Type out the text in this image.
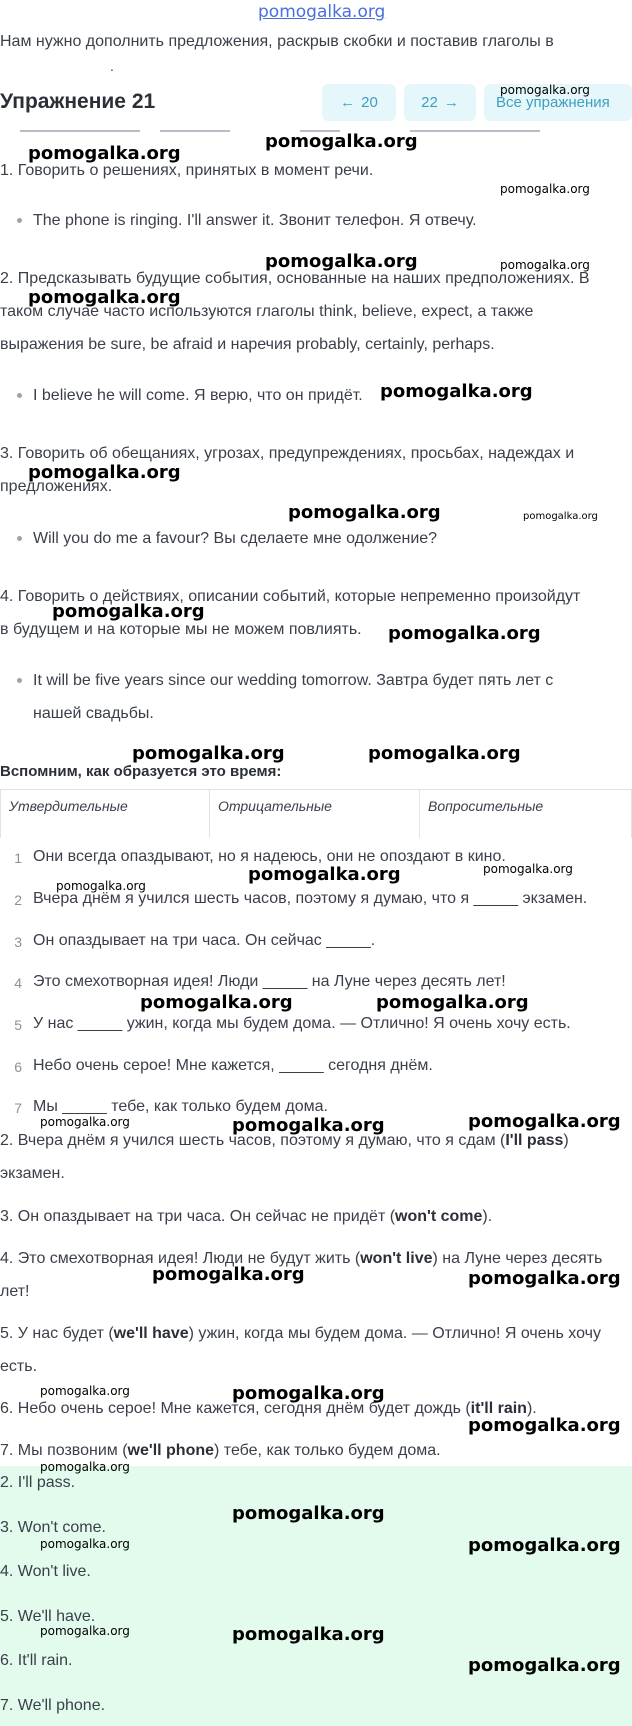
pomogalka.org
Нам нужно дополнить предложения, раскрыв скобки и поставив глаголы в
.
Упражнение 21	← 20	22 → Все упражнения
1. Говорить о решениях, принятых в момент речи.
The phone is ringing. I'll answer it. Звонит телефон. Я отвечу.
2. Предсказывать будущие события, основанные на наших предположениях. В
таком случае часто используются глаголы think, believe, expect, а также
выражения be sure, be afraid и наречия probably, certainly, perhaps.
I believe he will come. Я верю, что он придёт.
3. Говорить об обещаниях, угрозах, предупреждениях, просьбах, надеждах и
предложениях.
Will you do me a favour? Вы сделаете мне одолжение?
4. Говорить о действиях, описании событий, которые непременно произойдут
в будущем и на которые мы не можем повлиять.
It will be five years since our wedding tomorrow. Завтра будет пять лет с
нашей свадьбы.
Вспомним, как образуется это время:
Утвердительные	Отрицательные	Вопросительные
1 Они всегда опаздывают, но я надеюсь, они не опоздают в кино.
2 Вчера днём я учился шесть часов, поэтому я думаю, что я _____ экзамен.
3 Он опаздывает на три часа. Он сейчас _____.
4 Это смехотворная идея! Люди _____ на Луне через десять лет!
5 У нас _____ ужин, когда мы будем дома. — Отлично! Я очень хочу есть.
6 Небо очень серое! Мне кажется, _____ сегодня днём.
7 Мы _____ тебе, как только будем дома.
2. Вчера днём я учился шесть часов, поэтому я думаю, что я сдам (I'll pass)
экзамен.
3. Он опаздывает на три часа. Он сейчас не придёт (won't come).
4. Это смехотворная идея! Люди не будут жить (won't live) на Луне через десять
лет!
5. У нас будет (we'll have) ужин, когда мы будем дома. — Отлично! Я очень хочу
есть.
6. Небо очень серое! Мне кажется, сегодня днём будет дождь (it'll rain).
7. Мы позвоним (we'll phone) тебе, как только будем дома.
2. I'll pass.
3. Won't come.
4. Won't live.
5. We'll have.
6. It'll rain.
7. We'll phone.
pomogalka.org
pomogalka.org
pomogalka.org
pomogalka.org
pomogalka.org	pomogalka.org
pomogalka.org
pomogalka.org
pomogalka.org
pomogalka.org	pomogalka.org
pomogalka.org
pomogalka.org
pomogalka.org	pomogalka.org
pomogalka.org	pomogalka.org
pomogalka.org
pomogalka.org	pomogalka.org
pomogalka.org	pomogalka.org	pomogalka.org
pomogalka.org	pomogalka.org
pomogalka.org	pomogalka.org
pomogalka.org
pomogalka.org
pomogalka.org
pomogalka.org	pomogalka.org
pomogalka.org	pomogalka.org
pomogalka.org
